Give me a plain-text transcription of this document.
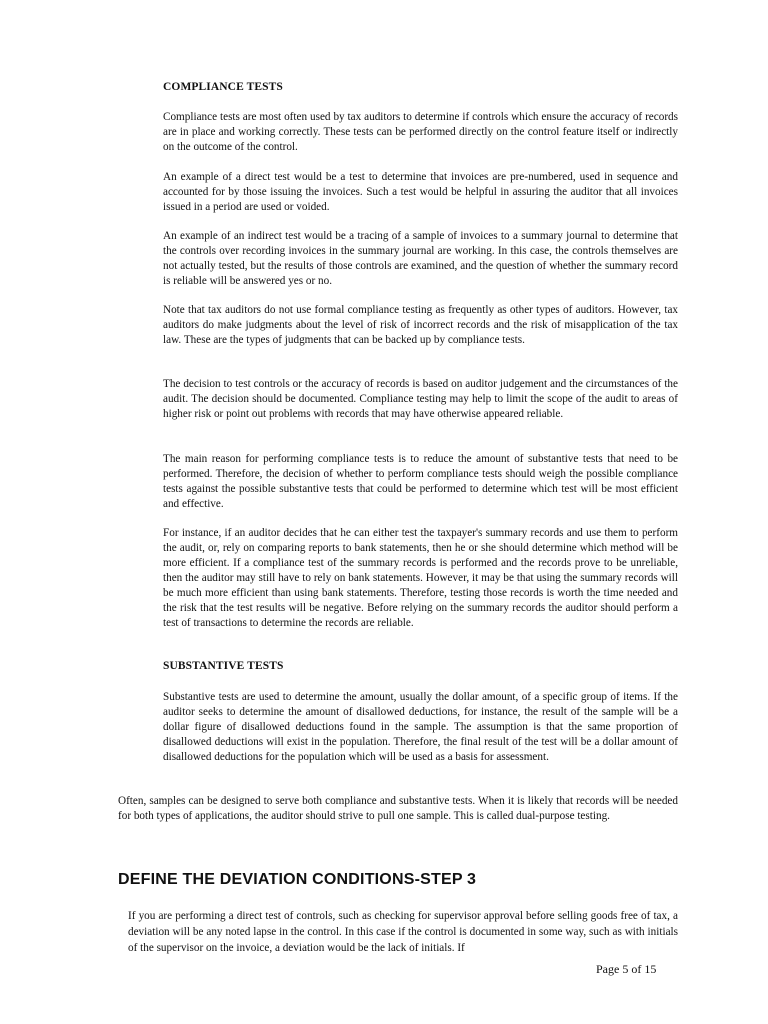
COMPLIANCE TESTS

Compliance tests are most often used by tax auditors to determine if controls which ensure the accuracy of records are in place and working correctly. These tests can be performed directly on the control feature itself or indirectly on the outcome of the control.

An example of a direct test would be a test to determine that invoices are pre-numbered, used in sequence and accounted for by those issuing the invoices. Such a test would be helpful in assuring the auditor that all invoices issued in a period are used or voided.

An example of an indirect test would be a tracing of a sample of invoices to a summary journal to determine that the controls over recording invoices in the summary journal are working. In this case, the controls themselves are not actually tested, but the results of those controls are examined, and the question of whether the summary record is reliable will be answered yes or no.

Note that tax auditors do not use formal compliance testing as frequently as other types of auditors. However, tax auditors do make judgments about the level of risk of incorrect records and the risk of misapplication of the tax law. These are the types of judgments that can be backed up by compliance tests.

The decision to test controls or the accuracy of records is based on auditor judgement and the circumstances of the audit. The decision should be documented. Compliance testing may help to limit the scope of the audit to areas of higher risk or point out problems with records that may have otherwise appeared reliable.

The main reason for performing compliance tests is to reduce the amount of substantive tests that need to be performed. Therefore, the decision of whether to perform compliance tests should weigh the possible compliance tests against the possible substantive tests that could be performed to determine which test will be most efficient and effective.

For instance, if an auditor decides that he can either test the taxpayer's summary records and use them to perform the audit, or, rely on comparing reports to bank statements, then he or she should determine which method will be more efficient. If a compliance test of the summary records is performed and the records prove to be unreliable, then the auditor may still have to rely on bank statements. However, it may be that using the summary records will be much more efficient than using bank statements. Therefore, testing those records is worth the time needed and the risk that the test results will be negative. Before relying on the summary records the auditor should perform a test of transactions to determine the records are reliable.

SUBSTANTIVE TESTS

Substantive tests are used to determine the amount, usually the dollar amount, of a specific group of items. If the auditor seeks to determine the amount of disallowed deductions, for instance, the result of the sample will be a dollar figure of disallowed deductions found in the sample. The assumption is that the same proportion of disallowed deductions will exist in the population. Therefore, the final result of the test will be a dollar amount of disallowed deductions for the population which will be used as a basis for assessment.

Often, samples can be designed to serve both compliance and substantive tests. When it is likely that records will be needed for both types of applications, the auditor should strive to pull one sample. This is called dual-purpose testing.

DEFINE THE DEVIATION CONDITIONS-STEP 3

If you are performing a direct test of controls, such as checking for supervisor approval before selling goods free of tax, a deviation will be any noted lapse in the control. In this case if the control is documented in some way, such as with initials of the supervisor on the invoice, a deviation would be the lack of initials. If

Page 5 of 15
